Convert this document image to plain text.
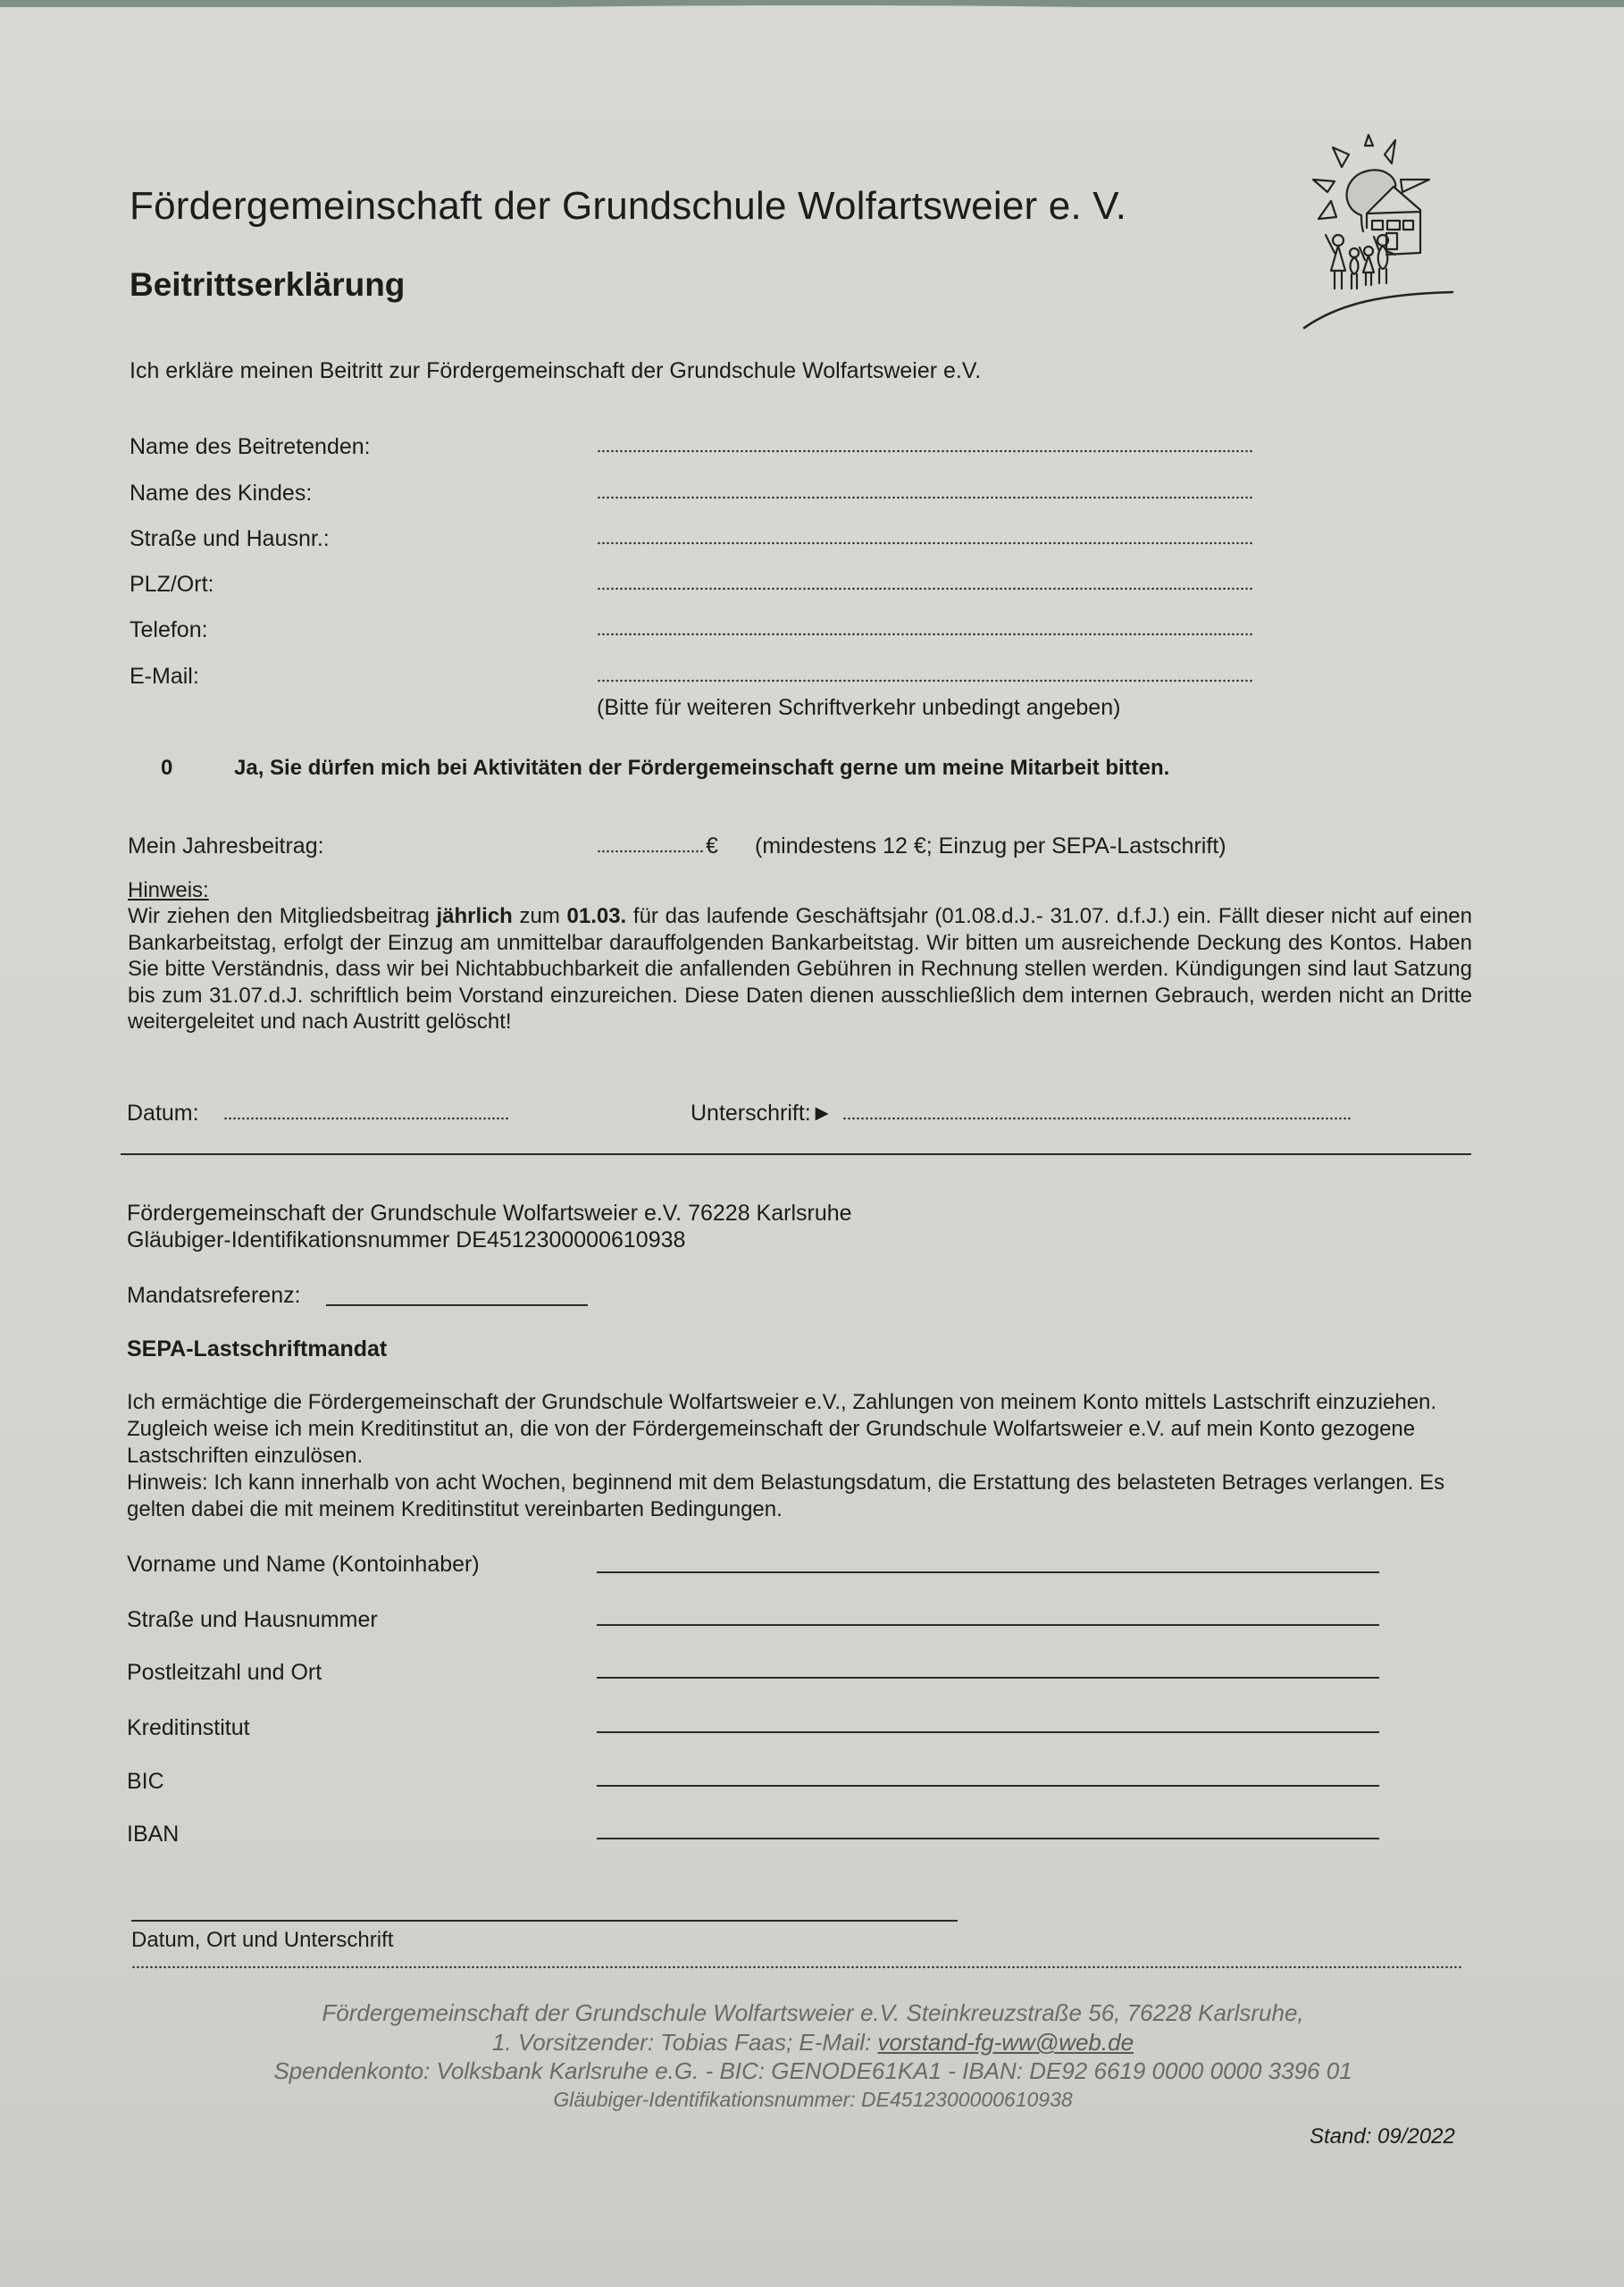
Fördergemeinschaft der Grundschule Wolfartsweier e. V.
Beitrittserklärung
Ich erkläre meinen Beitritt zur Fördergemeinschaft der Grundschule Wolfartsweier e.V.
Name des Beitretenden:
Name des Kindes:
Straße und Hausnr.:
PLZ/Ort:
Telefon:
E-Mail:
(Bitte für weiteren Schriftverkehr unbedingt angeben)
0	Ja, Sie dürfen mich bei Aktivitäten der Fördergemeinschaft gerne um meine Mitarbeit bitten.
Mein Jahresbeitrag:	€ (mindestens 12 €; Einzug per SEPA-Lastschrift)
Hinweis:
Wir ziehen den Mitgliedsbeitrag jährlich zum 01.03. für das laufende Geschäftsjahr (01.08.d.J.- 31.07. d.f.J.) ein. Fällt dieser nicht auf einen Bankarbeitstag, erfolgt der Einzug am unmittelbar darauffolgenden Bankarbeitstag. Wir bitten um ausreichende Deckung des Kontos. Haben Sie bitte Verständnis, dass wir bei Nichtabbuchbarkeit die anfallenden Gebühren in Rechnung stellen werden. Kündigungen sind laut Satzung bis zum 31.07.d.J. schriftlich beim Vorstand einzureichen. Diese Daten dienen ausschließlich dem internen Gebrauch, werden nicht an Dritte weitergeleitet und nach Austritt gelöscht!
Datum:	Unterschrift:►
Fördergemeinschaft der Grundschule Wolfartsweier e.V. 76228 Karlsruhe
Gläubiger-Identifikationsnummer DE4512300000610938
Mandatsreferenz:
SEPA-Lastschriftmandat
Ich ermächtige die Fördergemeinschaft der Grundschule Wolfartsweier e.V., Zahlungen von meinem Konto mittels Lastschrift einzuziehen. Zugleich weise ich mein Kreditinstitut an, die von der Fördergemeinschaft der Grundschule Wolfartsweier e.V. auf mein Konto gezogene Lastschriften einzulösen.
Hinweis: Ich kann innerhalb von acht Wochen, beginnend mit dem Belastungsdatum, die Erstattung des belasteten Betrages verlangen. Es gelten dabei die mit meinem Kreditinstitut vereinbarten Bedingungen.
Vorname und Name (Kontoinhaber)
Straße und Hausnummer
Postleitzahl und Ort
Kreditinstitut
BIC
IBAN
Datum, Ort und Unterschrift
Fördergemeinschaft der Grundschule Wolfartsweier e.V. Steinkreuzstraße 56, 76228 Karlsruhe,
1. Vorsitzender: Tobias Faas; E-Mail: vorstand-fg-ww@web.de
Spendenkonto: Volksbank Karlsruhe e.G. - BIC: GENODE61KA1 - IBAN: DE92 6619 0000 0000 3396 01
Gläubiger-Identifikationsnummer: DE4512300000610938
Stand: 09/2022
